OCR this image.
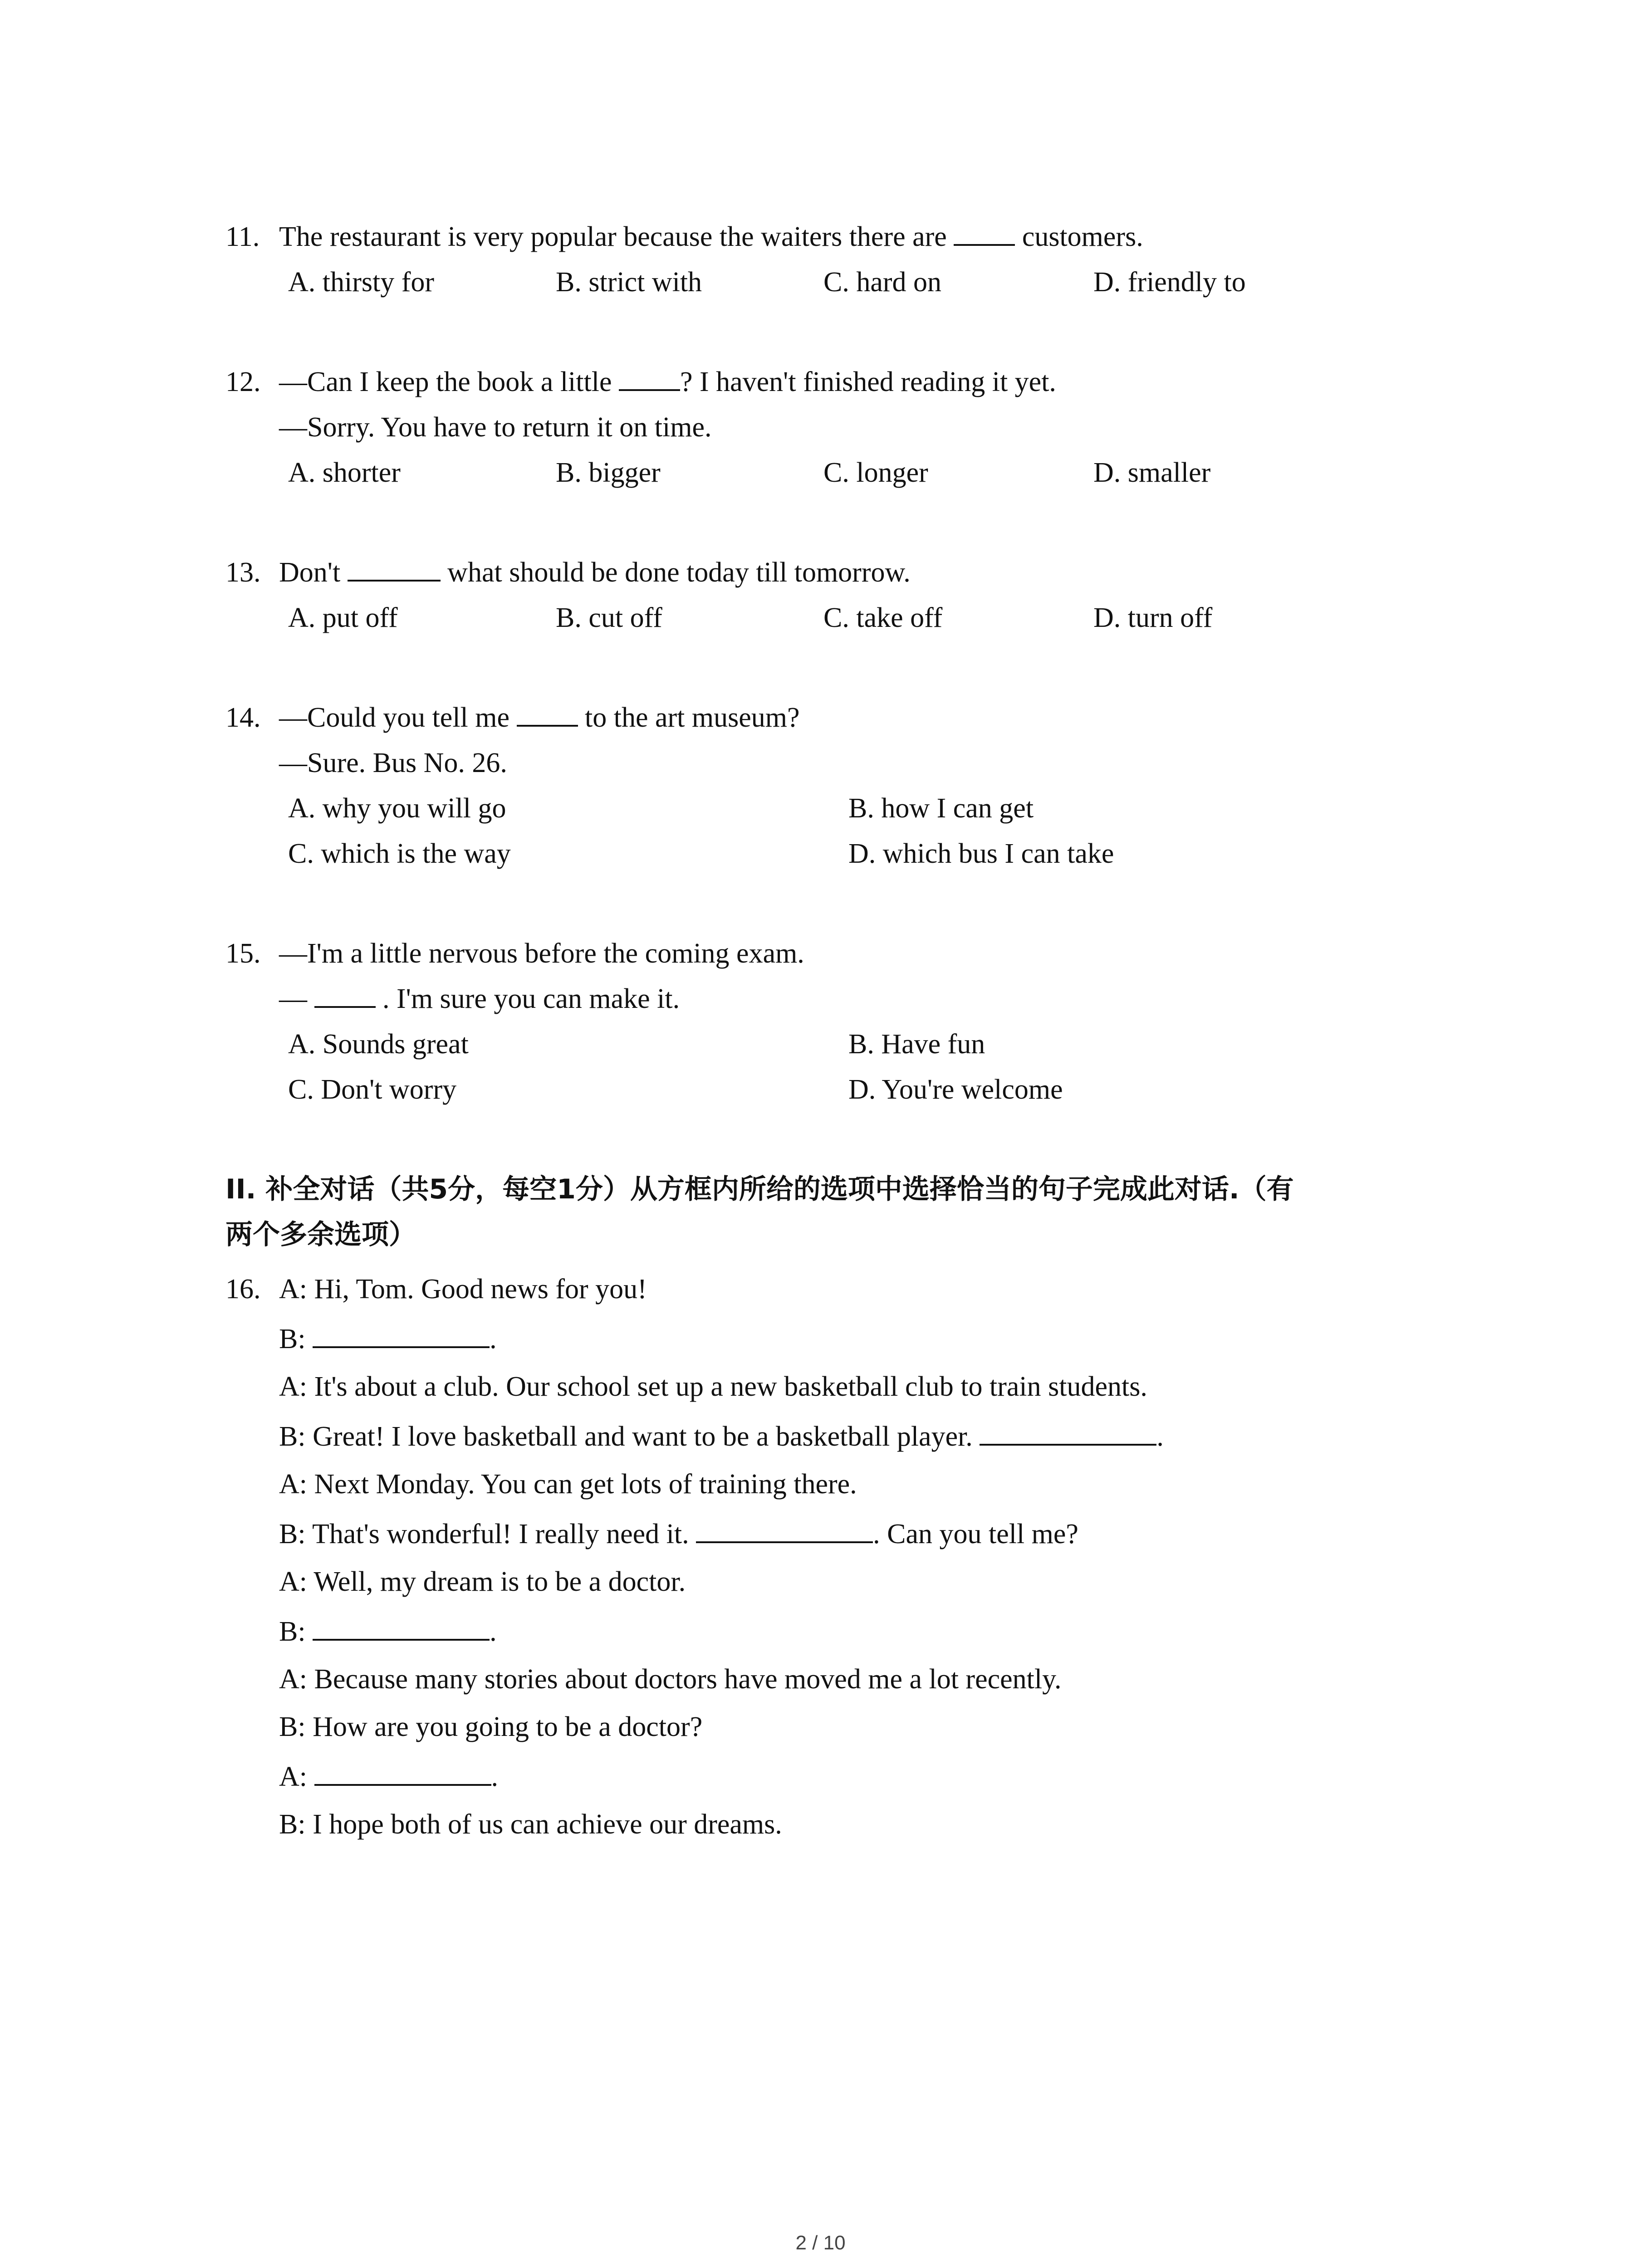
11. The restaurant is very popular because the waiters there are	customers.
A. thirsty for	B. strict with	C. hard on	D. friendly to
12. —Can I keep the book a little ? I haven't finished reading it yet.
—Sorry. You have to return it on time.
A. shorter	B. bigger	C. longer	D. smaller
13. Don't	what should be done today till tomorrow.
A. put off	B. cut off	C. take off	D. turn off
14. —Could you tell me	to the art museum?
—Sure. Bus No. 26.
A. why you will go	B. how I can get
C. which is the way	D. which bus I can take
15. —I'm a little nervous before the coming exam.
—	. I'm sure you can make it.
A. Sounds great	B. Have fun
C. Don't worry	D. You're welcome
II. 补全对话（共5分，每空1分）从方框内所给的选项中选择恰当的句子完成此对话.（有
两个多余选项）
16. A: Hi, Tom. Good news for you!
B:	.
A: It's about a club. Our school set up a new basketball club to train students.
B: Great! I love basketball and want to be a basketball player.	.
A: Next Monday. You can get lots of training there.
B: That's wonderful! I really need it.	. Can you tell me?
A: Well, my dream is to be a doctor.
B:	.
A: Because many stories about doctors have moved me a lot recently.
B: How are you going to be a doctor?
A:	.
B: I hope both of us can achieve our dreams.
2 / 10
